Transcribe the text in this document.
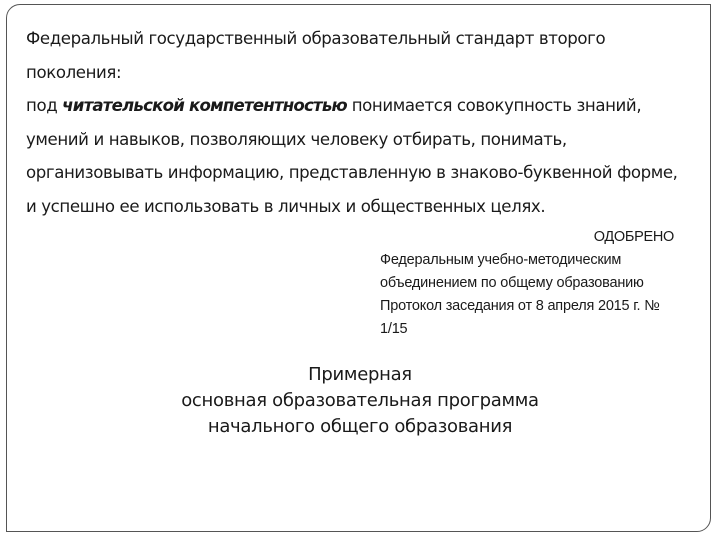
Федеральный государственный образовательный стандарт второго поколения:

под читательской компетентностью понимается совокупность знаний, умений и навыков, позволяющих человеку отбирать, понимать, организовывать информацию, представленную в знаково-буквенной форме, и успешно ее использовать в личных и общественных целях.

ОДОБРЕНО

Федеральным учебно-методическим объединением по общему образованию Протокол заседания от 8 апреля 2015 г. № 1/15

Примерная
основная образовательная программа
начального общего образования
